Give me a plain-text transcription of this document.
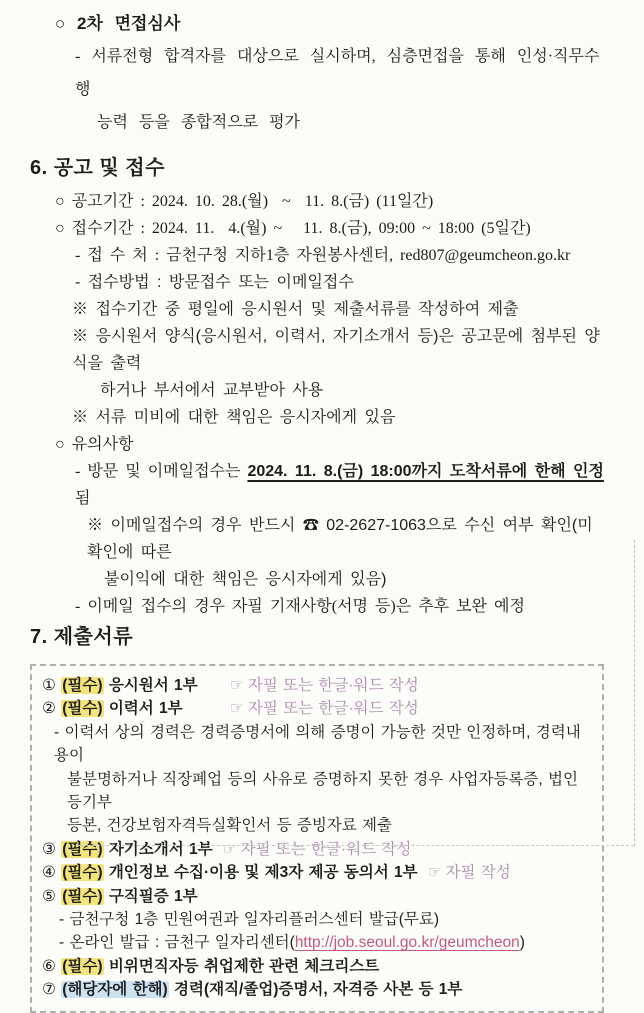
○ 2차 면접심사
- 서류전형 합격자를 대상으로 실시하며, 심층면접을 통해 인성·직무수행
능력 등을 종합적으로 평가
6. 공고 및 접수
○ 공고기간 : 2024. 10. 28.(월)  ~  11. 8.(금) (11일간)
○ 접수기간 : 2024. 11.  4.(월) ~   11. 8.(금), 09:00 ~ 18:00 (5일간)
- 접 수 처 : 금천구청 지하1층 자원봉사센터, red807@geumcheon.go.kr
- 접수방법 : 방문접수 또는 이메일접수
※ 접수기간 중 평일에 응시원서 및 제출서류를 작성하여 제출
※ 응시원서 양식(응시원서, 이력서, 자기소개서 등)은 공고문에 첨부된 양식을 출력
하거나 부서에서 교부받아 사용
※ 서류 미비에 대한 책임은 응시자에게 있음
○ 유의사항
- 방문 및 이메일접수는 2024. 11. 8.(금) 18:00까지 도착서류에 한해 인정됨
※ 이메일접수의 경우 반드시 ☎ 02-2627-1063으로 수신 여부 확인(미확인에 따른
불이익에 대한 책임은 응시자에게 있음)
- 이메일 접수의 경우 자필 기재사항(서명 등)은 추후 보완 예정
7. 제출서류
① (필수) 응시원서 1부 ☞ 자필 또는 한글·워드 작성
② (필수) 이력서 1부	☞ 자필 또는 한글·워드 작성
- 이력서 상의 경력은 경력증명서에 의해 증명이 가능한 것만 인정하며, 경력내용이
불분명하거나 직장폐업 등의 사유로 증명하지 못한 경우 사업자등록증, 법인등기부
등본, 건강보험자격득실확인서 등 증빙자료 제출
③ (필수) 자기소개서 1부 ☞ 자필 또는 한글·워드 작성
④ (필수) 개인정보 수집·이용 및 제3자 제공 동의서 1부 ☞ 자필 작성
⑤ (필수) 구직필증 1부
- 금천구청 1층 민원여권과 일자리플러스센터 발급(무료)
- 온라인 발급 : 금천구 일자리센터(http://job.seoul.go.kr/geumcheon)
⑥ (필수) 비위면직자등 취업제한 관련 체크리스트
⑦ (해당자에 한해) 경력(재직/졸업)증명서, 자격증 사본 등 1부
